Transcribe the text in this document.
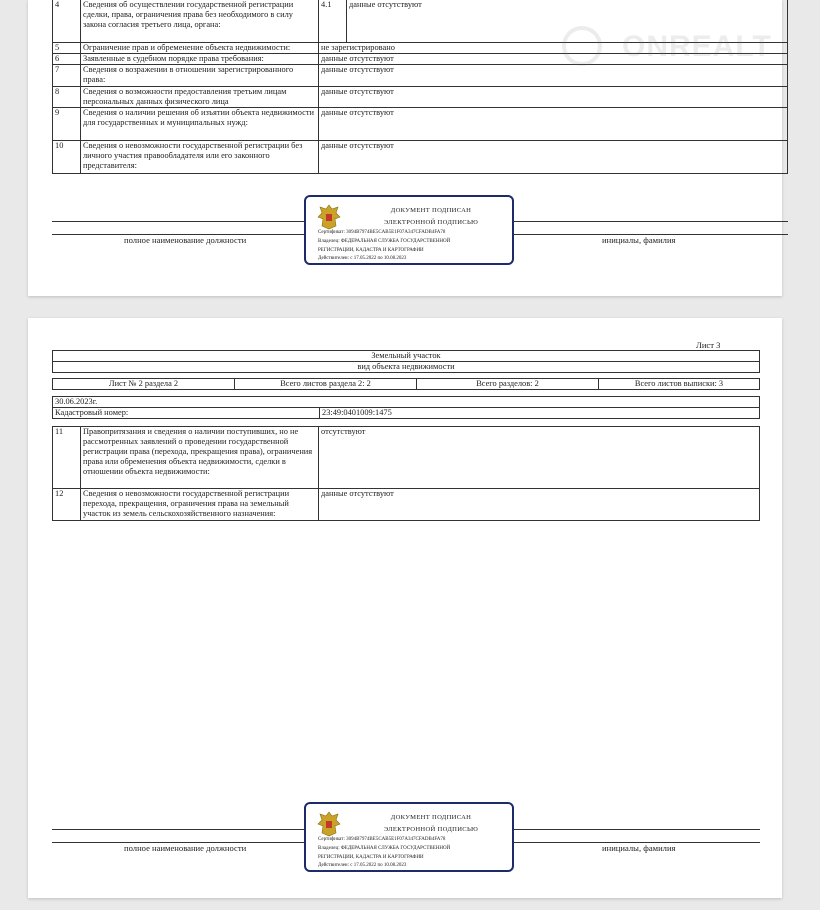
4	Сведения об осуществлении государственной регистрации сделки, права, ограничения права без необходимого в силу закона согласия третьего лица, органа:	4.1	данные отсутствуют
5	Ограничение прав и обременение объекта недвижимости:	не зарегистрировано	
6	Заявленные в судебном порядке права требования:	данные отсутствуют	
7	Сведения о возражении в отношении зарегистрированного права:	данные отсутствуют	
8	Сведения о возможности предоставления третьим лицам персональных данных физического лица	данные отсутствуют	
9	Сведения о наличии решения об изъятии объекта недвижимости для государственных и муниципальных нужд:	данные отсутствуют	
10	Сведения о невозможности государственной регистрации без личного участия правообладателя или его законного представителя:	данные отсутствуют	
полное наименование должности	инициалы, фамилия
ДОКУМЕНТ ПОДПИСАН
ЭЛЕКТРОННОЙ ПОДПИСЬЮ
Сертификат: 3094B7974BE5CAB5E1F07A347CFADB4FA78
Владелец: ФЕДЕРАЛЬНАЯ СЛУЖБА ГОСУДАРСТВЕННОЙ
РЕГИСТРАЦИИ, КАДАСТРА И КАРТОГРАФИИ
Действителен: с 17.05.2022 по 10.08.2023
Лист 3
Земельный участок
вид объекта недвижимости
Лист № 2 раздела 2	Всего листов раздела 2: 2	Всего разделов: 2	Всего листов выписки: 3
30.06.2023г.
Кадастровый номер:	23:49:0401009:1475
11	Правопритязания и сведения о наличии поступивших, но не рассмотренных заявлений о проведении государственной регистрации права (перехода, прекращения права), ограничения права или обременения объекта недвижимости, сделки в отношении объекта недвижимости:	отсутствуют
12	Сведения о невозможности государственной регистрации перехода, прекращения, ограничения права на земельный участок из земель сельскохозяйственного назначения:	данные отсутствуют
полное наименование должности	инициалы, фамилия
ДОКУМЕНТ ПОДПИСАН
ЭЛЕКТРОННОЙ ПОДПИСЬЮ
Сертификат: 3094B7974BE5CAB5E1F07A347CFADB4FA78
Владелец: ФЕДЕРАЛЬНАЯ СЛУЖБА ГОСУДАРСТВЕННОЙ
РЕГИСТРАЦИИ, КАДАСТРА И КАРТОГРАФИИ
Действителен: с 17.05.2022 по 10.08.2023
